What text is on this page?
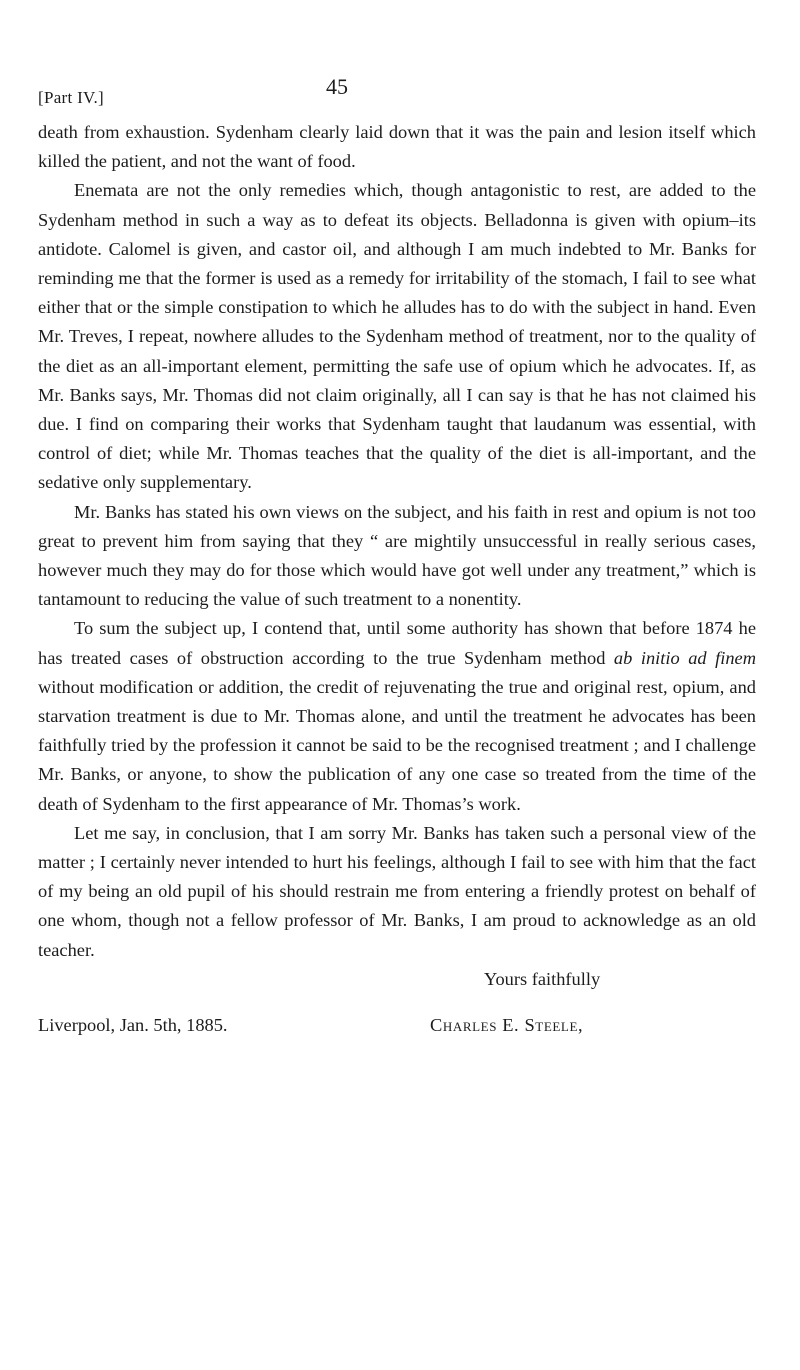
[Part IV.]	45

death from exhaustion. Sydenham clearly laid down that it was the pain and lesion itself which killed the patient, and not the want of food.

Enemata are not the only remedies which, though antagonistic to rest, are added to the Sydenham method in such a way as to defeat its objects. Belladonna is given with opium–its antidote. Calomel is given, and castor oil, and although I am much indebted to Mr. Banks for reminding me that the former is used as a remedy for irritability of the stomach, I fail to see what either that or the simple constipation to which he alludes has to do with the subject in hand. Even Mr. Treves, I repeat, nowhere alludes to the Sydenham method of treatment, nor to the quality of the diet as an all-important element, permitting the safe use of opium which he advocates. If, as Mr. Banks says, Mr. Thomas did not claim originally, all I can say is that he has not claimed his due. I find on comparing their works that Sydenham taught that laudanum was essential, with control of diet; while Mr. Thomas teaches that the quality of the diet is all-important, and the sedative only supplementary.

Mr. Banks has stated his own views on the subject, and his faith in rest and opium is not too great to prevent him from saying that they “ are mightily unsuccessful in really serious cases, however much they may do for those which would have got well under any treatment,” which is tantamount to reducing the value of such treatment to a nonentity.

To sum the subject up, I contend that, until some authority has shown that before 1874 he has treated cases of obstruction according to the true Sydenham method ab initio ad finem without modification or addition, the credit of rejuvenating the true and original rest, opium, and starvation treatment is due to Mr. Thomas alone, and until the treatment he advocates has been faithfully tried by the profession it cannot be said to be the recognised treatment ; and I challenge Mr. Banks, or anyone, to show the publication of any one case so treated from the time of the death of Sydenham to the first appearance of Mr. Thomas’s work.

Let me say, in conclusion, that I am sorry Mr. Banks has taken such a personal view of the matter ; I certainly never intended to hurt his feelings, although I fail to see with him that the fact of my being an old pupil of his should restrain me from entering a friendly protest on behalf of one whom, though not a fellow professor of Mr. Banks, I am proud to acknowledge as an old teacher.

Yours faithfully
Liverpool, Jan. 5th, 1885.	Charles E. Steele,
